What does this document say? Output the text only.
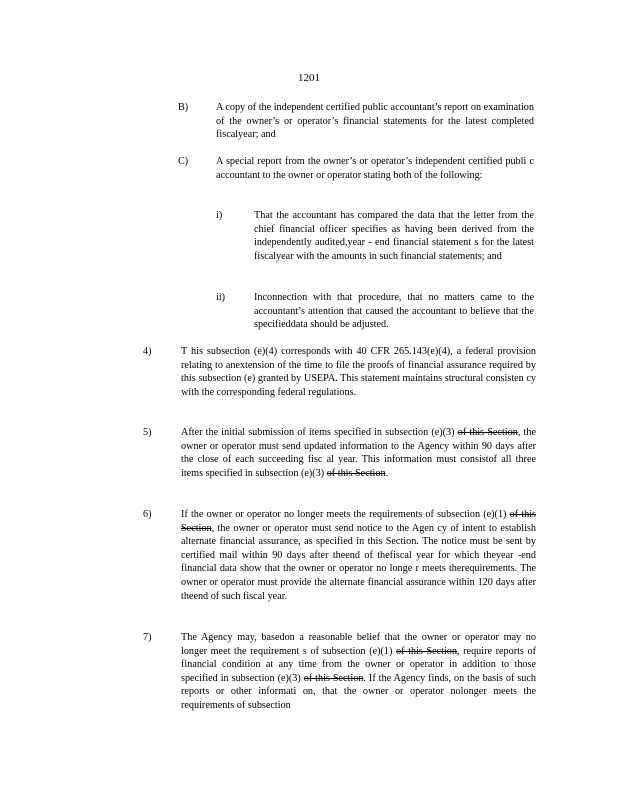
1201
B)	A copy of the independent certified public accountant’s report on examination of the owner’s or operator’s financial statements for the latest completed fiscalyear; and
C)	A special report from the owner’s or operator’s independent certified publi c accountant to the owner or operator stating both of the following:
i)	That the accountant has compared the data that the letter from the chief financial officer specifies as having been derived from the independently audited,year - end financial statement s for the latest fiscalyear with the amounts in such financial statements; and
ii)	Inconnection with that procedure, that no matters came to the accountant’s attention that caused the accountant to believe that the specifieddata should be adjusted.
4)	T his subsection (e)(4) corresponds with 40 CFR 265.143(e)(4), a federal provision relating to anextension of the time to file the proofs of financial assurance required by this subsection (e) granted by USEPA. This statement maintains structural consisten cy with the corresponding federal regulations.
5)	After the initial submission of items specified in subsection (e)(3) of this Section, the owner or operator must send updated information to the Agency within 90 days after the close of each succeeding fisc al year. This information must consistof all three items specified in subsection (e)(3) of this Section.
6)	If the owner or operator no longer meets the requirements of subsection (e)(1) of this Section, the owner or operator must send notice to the Agen cy of intent to establish alternate financial assurance, as specified in this Section. The notice must be sent by certified mail within 90 days after theend of thefiscal year for which theyear -end financial data show that the owner or operator no longe r meets therequirements. The owner or operator must provide the alternate financial assurance within 120 days after theend of such fiscal year.
7)	The Agency may, basedon a reasonable belief that the owner or operator may no longer meet the requirement s of subsection (e)(1) of this Section, require reports of financial condition at any time from the owner or operator in addition to those specified in subsection (e)(3) of this Section. If the Agency finds, on the basis of such reports or other informati on, that the owner or operator nolonger meets the requirements of subsection
